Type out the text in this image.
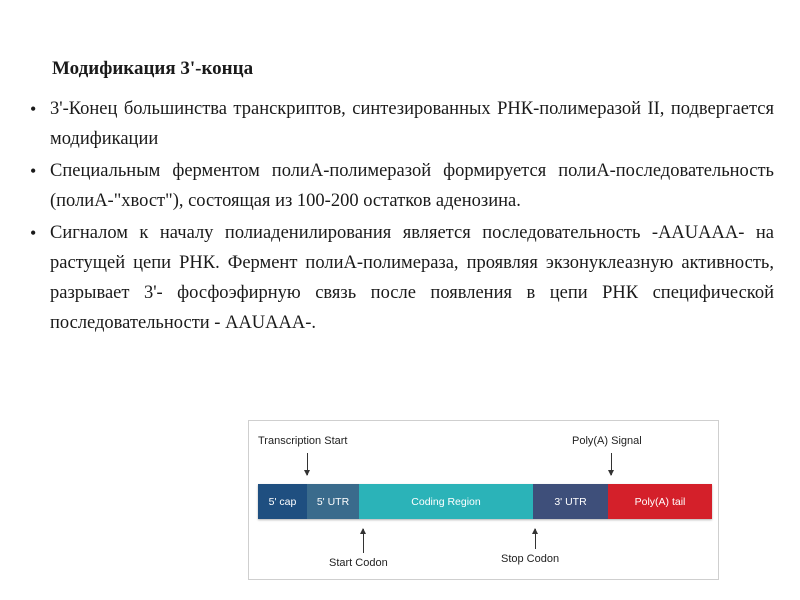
Модификация 3'-конца
• 3'-Конец большинства транскриптов, синтезированных РНК-полимеразой II, подвергается модификации
• Специальным ферментом полиА-полимеразой формируется полиА-последовательность (полиА-"хвост"), состоящая из 100-200 остатков аденозина.
• Сигналом к началу полиаденилирования является последовательность -AAUAAA- на растущей цепи РНК. Фермент полиА-полимераза, проявляя экзонуклеазную активность, разрывает 3'- фосфоэфирную связь после появления в цепи РНК специфической последовательности - AAUAAA-.
Transcription Start	Poly(A) Signal
5' cap	5' UTR	Coding Region	3' UTR	Poly(A) tail
Start Codon	Stop Codon
